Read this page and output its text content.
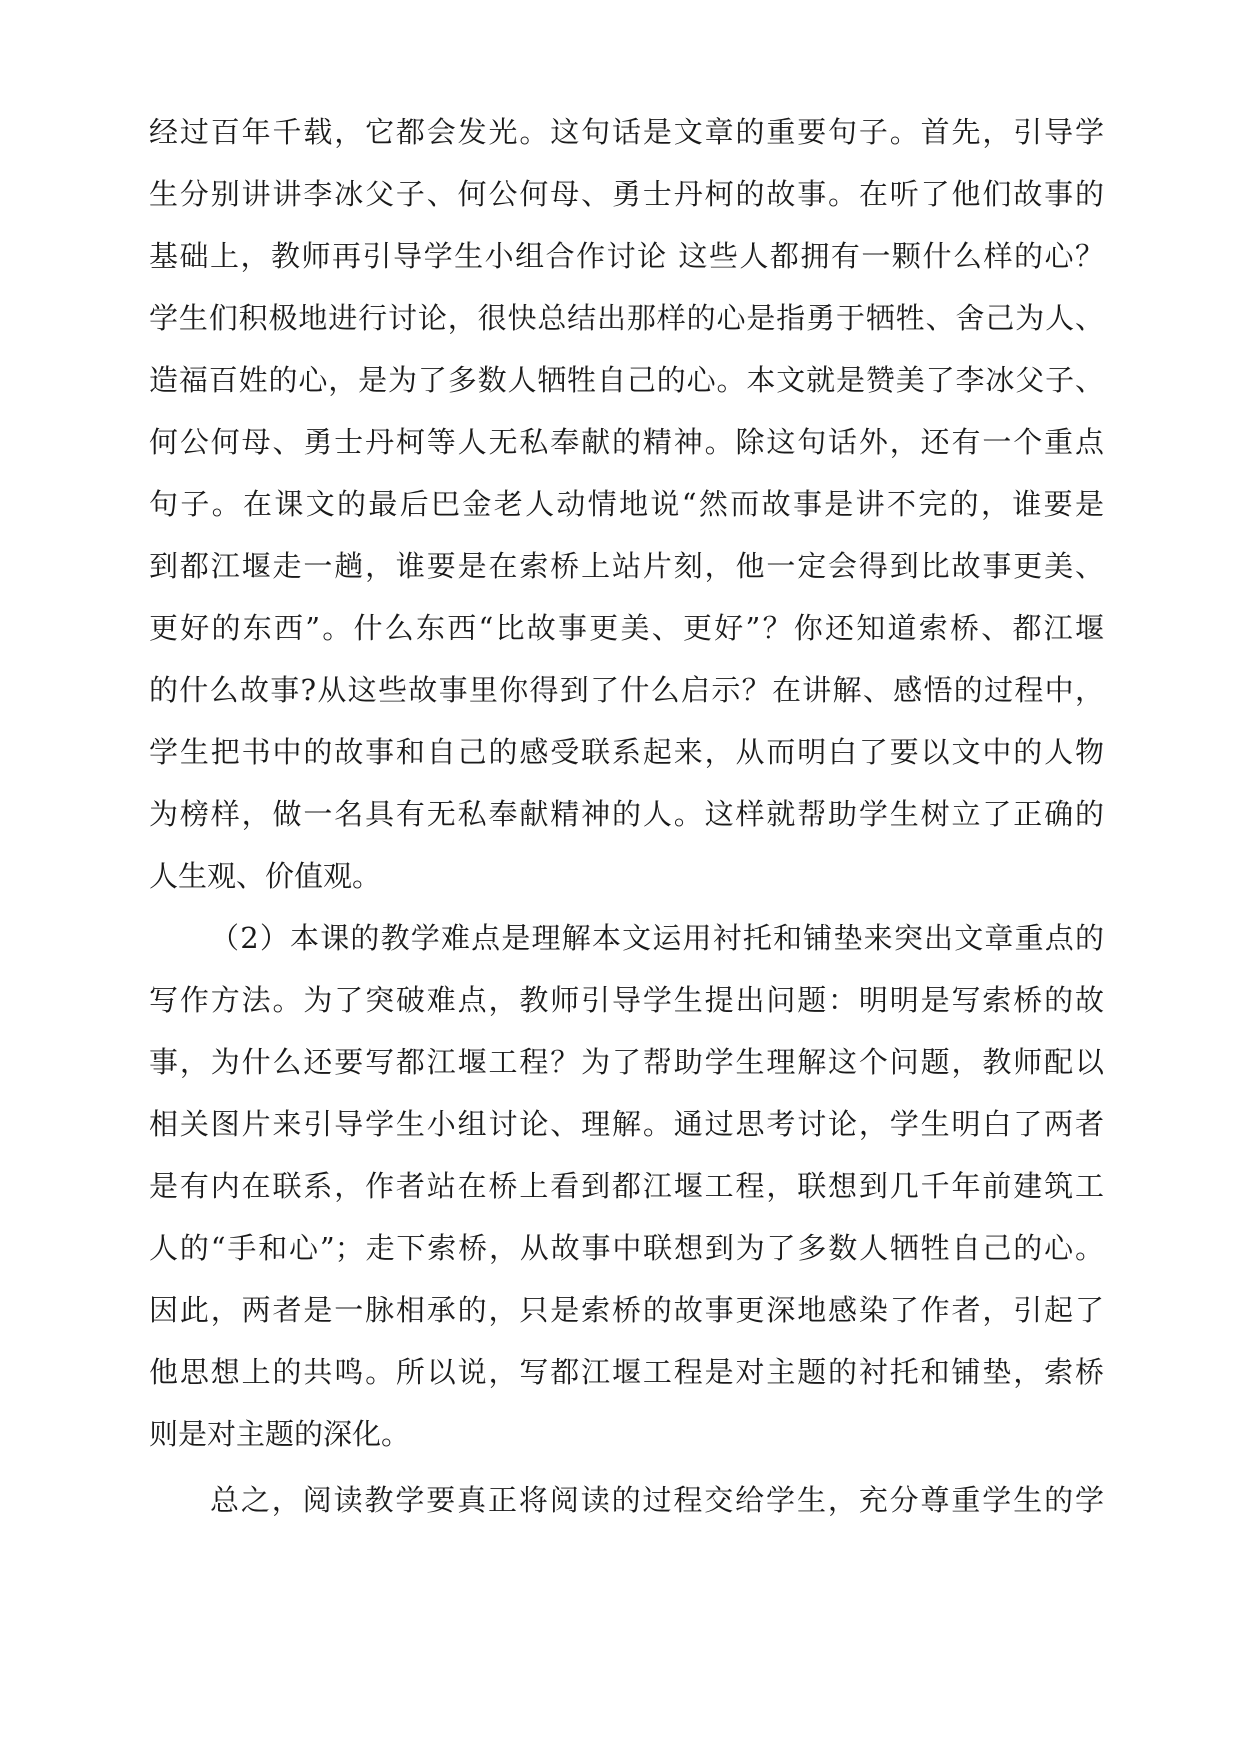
经过百年千载，它都会发光。这句话是文章的重要句子。首先，引导学
生分别讲讲李冰父子、何公何母、勇士丹柯的故事。在听了他们故事的
基础上，教师再引导学生小组合作讨论 这些人都拥有一颗什么样的心？
学生们积极地进行讨论，很快总结出那样的心是指勇于牺牲、舍己为人、
造福百姓的心，是为了多数人牺牲自己的心。本文就是赞美了李冰父子、
何公何母、勇士丹柯等人无私奉献的精神。除这句话外，还有一个重点
句子。在课文的最后巴金老人动情地说“然而故事是讲不完的，谁要是
到都江堰走一趟，谁要是在索桥上站片刻，他一定会得到比故事更美、
更好的东西”。什么东西“比故事更美、更好”？你还知道索桥、都江堰
的什么故事?从这些故事里你得到了什么启示？在讲解、感悟的过程中，
学生把书中的故事和自己的感受联系起来，从而明白了要以文中的人物
为榜样，做一名具有无私奉献精神的人。这样就帮助学生树立了正确的
人生观、价值观。
（2）本课的教学难点是理解本文运用衬托和铺垫来突出文章重点的
写作方法。为了突破难点，教师引导学生提出问题：明明是写索桥的故
事，为什么还要写都江堰工程？为了帮助学生理解这个问题，教师配以
相关图片来引导学生小组讨论、理解。通过思考讨论，学生明白了两者
是有内在联系，作者站在桥上看到都江堰工程，联想到几千年前建筑工
人的“手和心”；走下索桥，从故事中联想到为了多数人牺牲自己的心。
因此，两者是一脉相承的，只是索桥的故事更深地感染了作者，引起了
他思想上的共鸣。所以说，写都江堰工程是对主题的衬托和铺垫，索桥
则是对主题的深化。
总之，阅读教学要真正将阅读的过程交给学生，充分尊重学生的学
